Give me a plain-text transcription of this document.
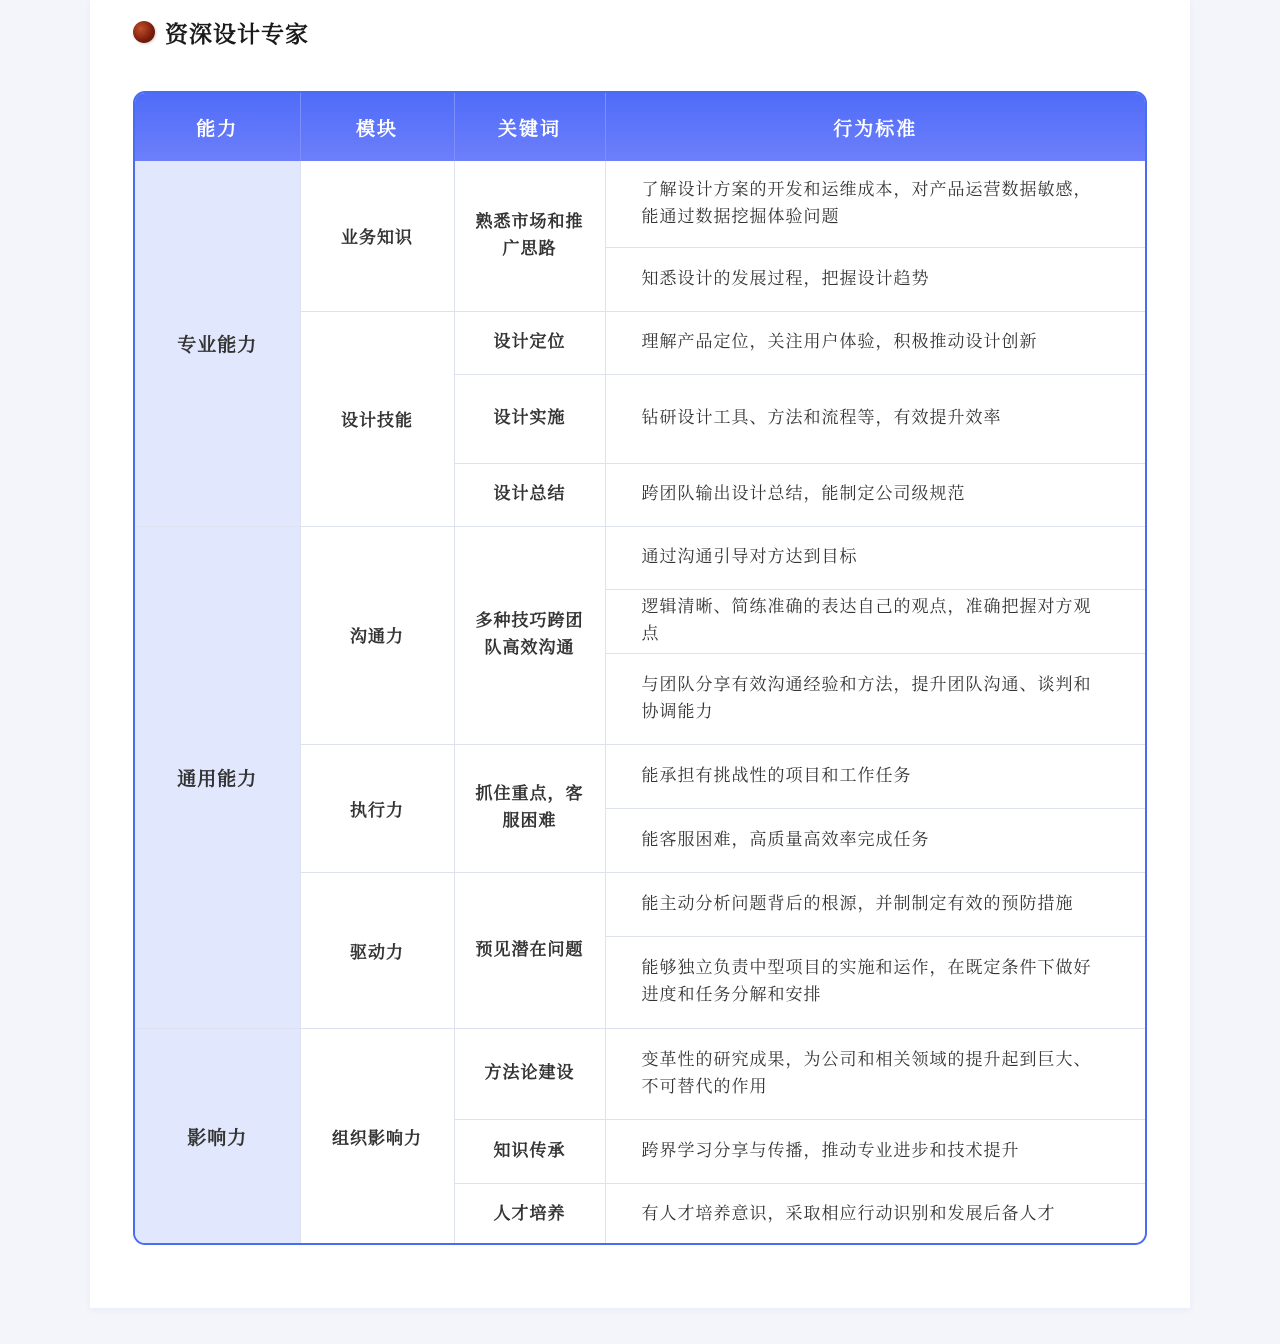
资深设计专家
能力	模块	关键词	行为标准
专业能力	业务知识	熟悉市场和推广思路	了解设计方案的开发和运维成本，对产品运营数据敏感，能通过数据挖掘体验问题
			知悉设计的发展过程，把握设计趋势
	设计技能	设计定位	理解产品定位，关注用户体验，积极推动设计创新
		设计实施	钻研设计工具、方法和流程等，有效提升效率
		设计总结	跨团队输出设计总结，能制定公司级规范

通用能力	沟通力	多种技巧跨团队高效沟通	通过沟通引导对方达到目标
			逻辑清晰、简练准确的表达自己的观点，准确把握对方观点
			与团队分享有效沟通经验和方法，提升团队沟通、谈判和协调能力
	执行力	抓住重点，客服困难	能承担有挑战性的项目和工作任务
			能客服困难，高质量高效率完成任务
	驱动力	预见潜在问题	能主动分析问题背后的根源，并制制定有效的预防措施
			能够独立负责中型项目的实施和运作，在既定条件下做好进度和任务分解和安排
影响力	组织影响力	方法论建设	变革性的研究成果，为公司和相关领域的提升起到巨大、不可替代的作用
		知识传承	跨界学习分享与传播，推动专业进步和技术提升
		人才培养	有人才培养意识，采取相应行动识别和发展后备人才
